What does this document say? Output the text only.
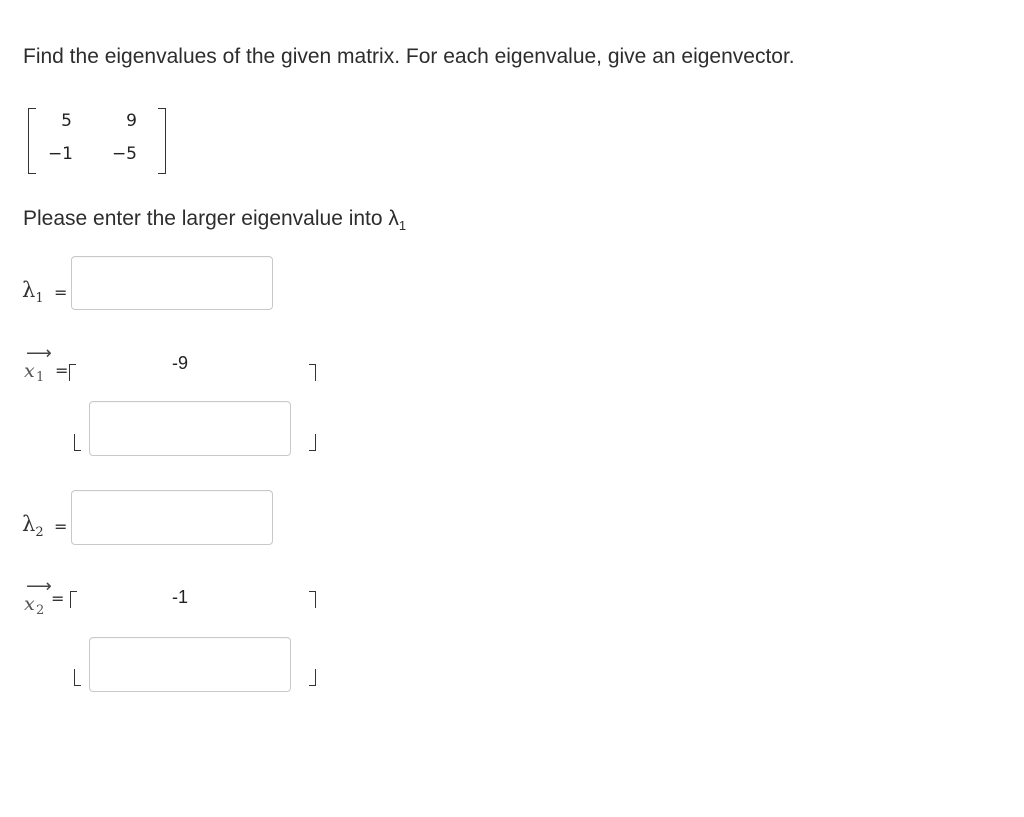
Find the eigenvalues of the given matrix. For each eigenvalue, give an eigenvector.
5	9
−1 −5
Please enter the larger eigenvalue into $\lambda_1$
$\lambda_1$ =
⟶
x 1 =	-9
$\lambda_2$ =
⟶
x 2
=	-1
